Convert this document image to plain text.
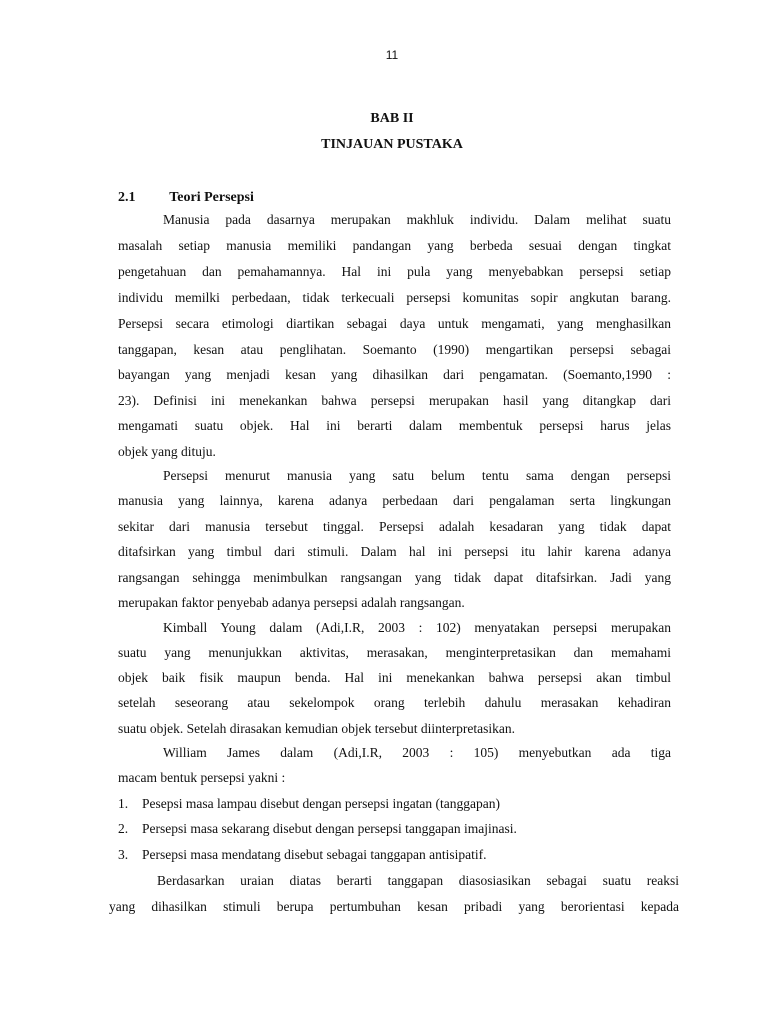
11
BAB II
TINJAUAN PUSTAKA
2.1 Teori Persepsi
Manusia pada dasarnya merupakan makhluk individu. Dalam melihat suatu
masalah setiap manusia memiliki pandangan yang berbeda sesuai dengan tingkat
pengetahuan dan pemahamannya. Hal ini pula yang menyebabkan persepsi setiap
individu memilki perbedaan, tidak terkecuali persepsi komunitas sopir angkutan barang.
Persepsi secara etimologi diartikan sebagai daya untuk mengamati, yang menghasilkan
tanggapan, kesan atau penglihatan. Soemanto (1990) mengartikan persepsi sebagai
bayangan yang menjadi kesan yang dihasilkan dari pengamatan. (Soemanto,1990 :
23). Definisi ini menekankan bahwa persepsi merupakan hasil yang ditangkap dari
mengamati suatu objek. Hal ini berarti dalam membentuk persepsi harus jelas
objek yang dituju.
Persepsi menurut manusia yang satu belum tentu sama dengan persepsi
manusia yang lainnya, karena adanya perbedaan dari pengalaman serta lingkungan
sekitar dari manusia tersebut tinggal. Persepsi adalah kesadaran yang tidak dapat
ditafsirkan yang timbul dari stimuli. Dalam hal ini persepsi itu lahir karena adanya
rangsangan sehingga menimbulkan rangsangan yang tidak dapat ditafsirkan. Jadi yang
merupakan faktor penyebab adanya persepsi adalah rangsangan.
Kimball Young dalam (Adi,I.R, 2003 : 102) menyatakan persepsi merupakan
suatu yang menunjukkan aktivitas, merasakan, menginterpretasikan dan memahami
objek baik fisik maupun benda. Hal ini menekankan bahwa persepsi akan timbul
setelah seseorang atau sekelompok orang terlebih dahulu merasakan kehadiran
suatu objek. Setelah dirasakan kemudian objek tersebut diinterpretasikan.
William James dalam (Adi,I.R, 2003 : 105) menyebutkan ada tiga
macam bentuk persepsi yakni :
1. Pesepsi masa lampau disebut dengan persepsi ingatan (tanggapan)
2. Persepsi masa sekarang disebut dengan persepsi tanggapan imajinasi.
3. Persepsi masa mendatang disebut sebagai tanggapan antisipatif.
Berdasarkan uraian diatas berarti tanggapan diasosiasikan sebagai suatu reaksi
yang dihasilkan stimuli berupa pertumbuhan kesan pribadi yang berorientasi kepada
